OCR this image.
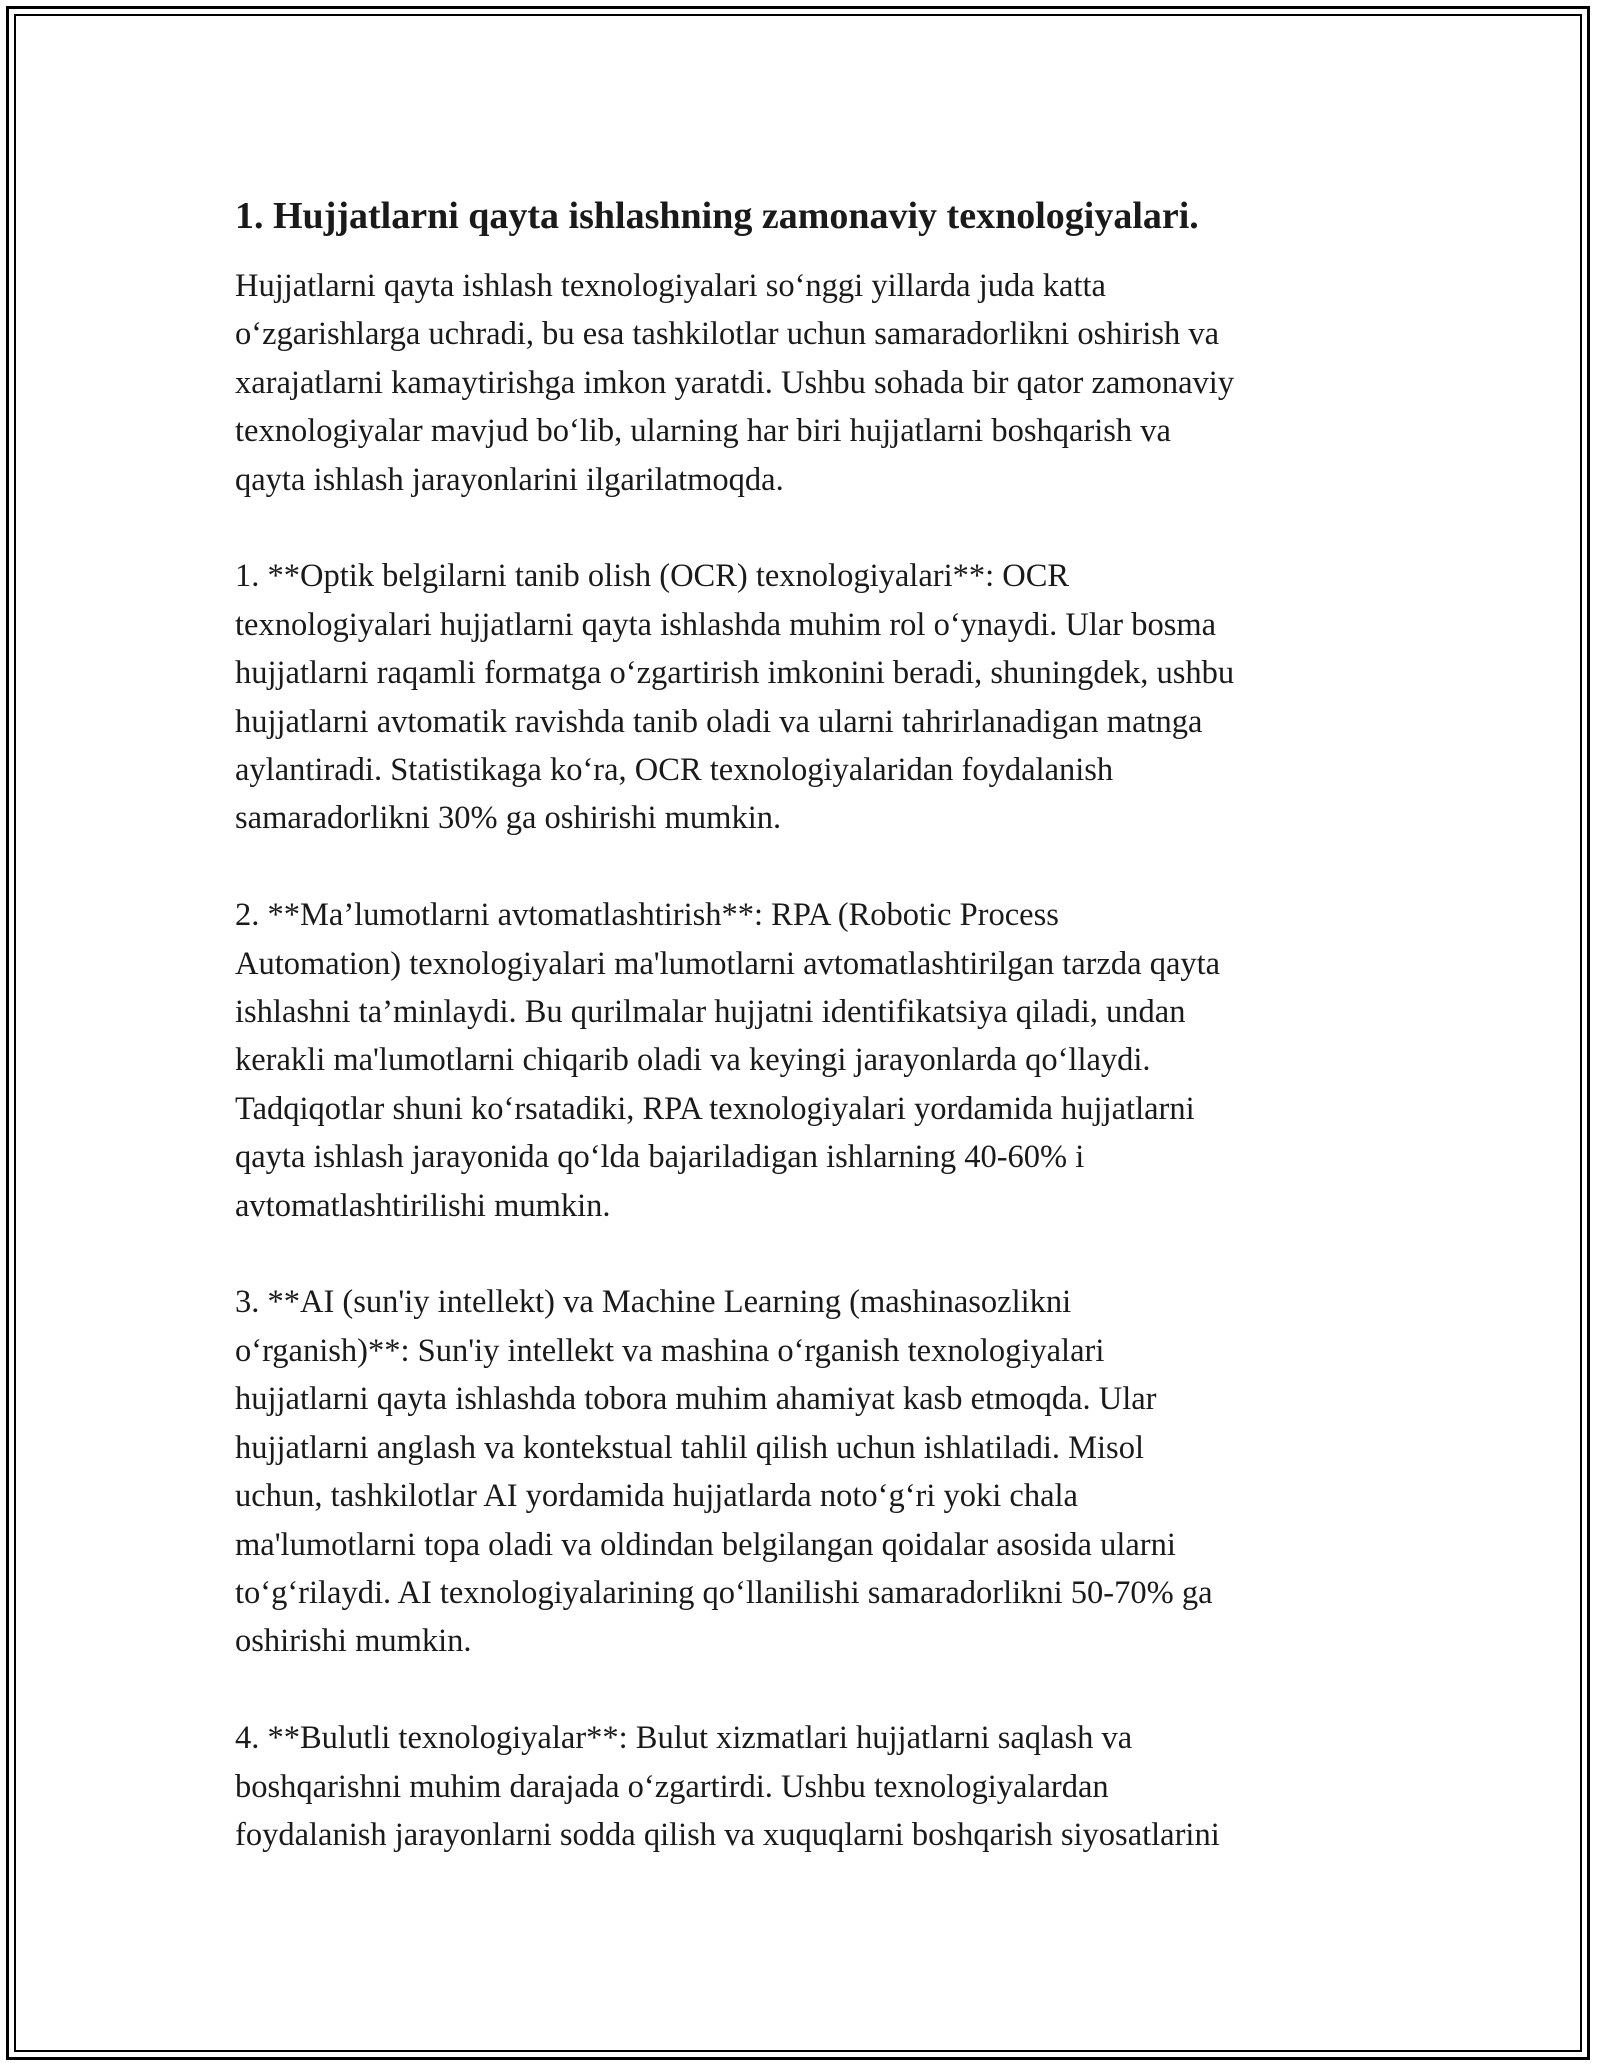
1. Hujjatlarni qayta ishlashning zamonaviy texnologiyalari.
Hujjatlarni qayta ishlash texnologiyalari so‘nggi yillarda juda katta
o‘zgarishlarga uchradi, bu esa tashkilotlar uchun samaradorlikni oshirish va
xarajatlarni kamaytirishga imkon yaratdi. Ushbu sohada bir qator zamonaviy
texnologiyalar mavjud bo‘lib, ularning har biri hujjatlarni boshqarish va
qayta ishlash jarayonlarini ilgarilatmoqda.
1. **Optik belgilarni tanib olish (OCR) texnologiyalari**: OCR
texnologiyalari hujjatlarni qayta ishlashda muhim rol o‘ynaydi. Ular bosma
hujjatlarni raqamli formatga o‘zgartirish imkonini beradi, shuningdek, ushbu
hujjatlarni avtomatik ravishda tanib oladi va ularni tahrirlanadigan matnga
aylantiradi. Statistikaga ko‘ra, OCR texnologiyalaridan foydalanish
samaradorlikni 30% ga oshirishi mumkin.
2. **Ma’lumotlarni avtomatlashtirish**: RPA (Robotic Process
Automation) texnologiyalari ma'lumotlarni avtomatlashtirilgan tarzda qayta
ishlashni ta’minlaydi. Bu qurilmalar hujjatni identifikatsiya qiladi, undan
kerakli ma'lumotlarni chiqarib oladi va keyingi jarayonlarda qo‘llaydi.
Tadqiqotlar shuni ko‘rsatadiki, RPA texnologiyalari yordamida hujjatlarni
qayta ishlash jarayonida qo‘lda bajariladigan ishlarning 40-60% i
avtomatlashtirilishi mumkin.
3. **AI (sun'iy intellekt) va Machine Learning (mashinasozlikni
o‘rganish)**: Sun'iy intellekt va mashina o‘rganish texnologiyalari
hujjatlarni qayta ishlashda tobora muhim ahamiyat kasb etmoqda. Ular
hujjatlarni anglash va kontekstual tahlil qilish uchun ishlatiladi. Misol
uchun, tashkilotlar AI yordamida hujjatlarda noto‘g‘ri yoki chala
ma'lumotlarni topa oladi va oldindan belgilangan qoidalar asosida ularni
to‘g‘rilaydi. AI texnologiyalarining qo‘llanilishi samaradorlikni 50-70% ga
oshirishi mumkin.
4. **Bulutli texnologiyalar**: Bulut xizmatlari hujjatlarni saqlash va
boshqarishni muhim darajada o‘zgartirdi. Ushbu texnologiyalardan
foydalanish jarayonlarni sodda qilish va xuquqlarni boshqarish siyosatlarini
